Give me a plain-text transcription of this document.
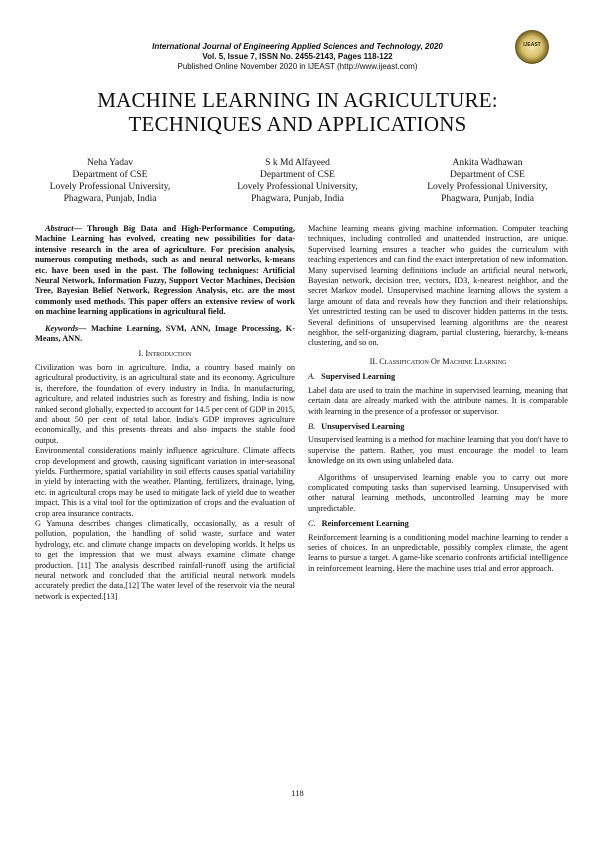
International Journal of Engineering Applied Sciences and Technology, 2020
Vol. 5, Issue 7, ISSN No. 2455-2143, Pages 118-122
Published Online November 2020 in IJEAST (http://www.ijeast.com)
IJEAST
MACHINE LEARNING IN AGRICULTURE:
TECHNIQUES AND APPLICATIONS
Neha Yadav
Department of CSE
Lovely Professional University,
Phagwara, Punjab, India
S k Md Alfayeed
Department of CSE
Lovely Professional University,
Phagwara, Punjab, India
Ankita Wadhawan
Department of CSE
Lovely Professional University,
Phagwara, Punjab, India

Abstract— Through Big Data and High-Performance Computing, Machine Learning has evolved, creating new possibilities for data-intensive research in the area of agriculture. For precision analysis, numerous computing methods, such as and neural networks, k-means etc. have been used in the past. The following techniques: Artificial Neural Network, Information Fuzzy, Support Vector Machines, Decision Tree, Bayesian Belief Network, Regression Analysis, etc. are the most commonly used methods. This paper offers an extensive review of work on machine learning applications in agricultural field.

Keywords— Machine Learning, SVM, ANN, Image Processing, K-Means, ANN.

I. Introduction

Civilization was born in agriculture. India, a country based mainly on agricultural productivity, is an agricultural state and its economy. Agriculture is, therefore, the foundation of every industry in India. In manufacturing, agriculture, and related industries such as forestry and fishing, India is now ranked second globally, expected to account for 14.5 per cent of GDP in 2015, and about 50 per cent of total labor. India's GDP improves agriculture economically, and this presents threats and also impacts the stable food output.

Environmental considerations mainly influence agriculture. Climate affects crop development and growth, causing significant variation in inter-seasonal yields. Furthermore, spatial variability in soil effects causes spatial variability in yield by interacting with the weather. Planting, fertilizers, drainage, lying, etc. in agricultural crops may be used to mitigate lack of yield due to weather impact. This is a vital tool for the optimization of crops and the evaluation of crop area insurance contracts.

G Yamuna describes changes climatically, occasionally, as a result of pollution, population, the handling of solid waste, surface and water hydrology, etc. and climate change impacts on developing worlds. It helps us to get the impression that we must always examine climate change production. [11] The analysis described rainfall-runoff using the artificial neural network and concluded that the artificial neural network models accurately predict the data.[12] The water level of the reservoir via the neural network is expected.[13]

Machine learning means giving machine information. Computer teaching techniques, including controlled and unattended instruction, are unique. Supervised learning ensures a teacher who guides the curriculum with teaching experiences and can find the exact interpretation of new information. Many supervised learning definitions include an artificial neural network, Bayesian network, decision tree, vectors, ID3, k-nearest neighbor, and the secret Markov model. Unsupervised machine learning allows the system a large amount of data and reveals how they function and their relationships. Yet unrestricted testing can be used to discover hidden patterns in the tests. Several definitions of unsupervised learning algorithms are the nearest neighbor, the self-organizing diagram, partial clustering, hierarchy, k-means clustering, and so on.

II. Classification Of Machine Learning
A. Supervised Learning

Label data are used to train the machine in supervised learning, meaning that certain data are already marked with the attribute names. It is comparable with learning in the presence of a professor or supervisor.

B. Unsupervised Learning

Unsupervised learning is a method for machine learning that you don't have to supervise the pattern. Rather, you must encourage the model to learn knowledge on its own using unlabeled data.

Algorithms of unsupervised learning enable you to carry out more complicated computing tasks than supervised learning. Unsupervised with other natural learning methods, uncontrolled learning may be more unpredictable.

C. Reinforcement Learning

Reinforcement learning is a conditioning model machine learning to render a series of choices. In an unpredictable, possibly complex climate, the agent learns to pursue a target. A game-like scenario confronts artificial intelligence in reinforcement learning. Here the machine uses trial and error approach.

118
